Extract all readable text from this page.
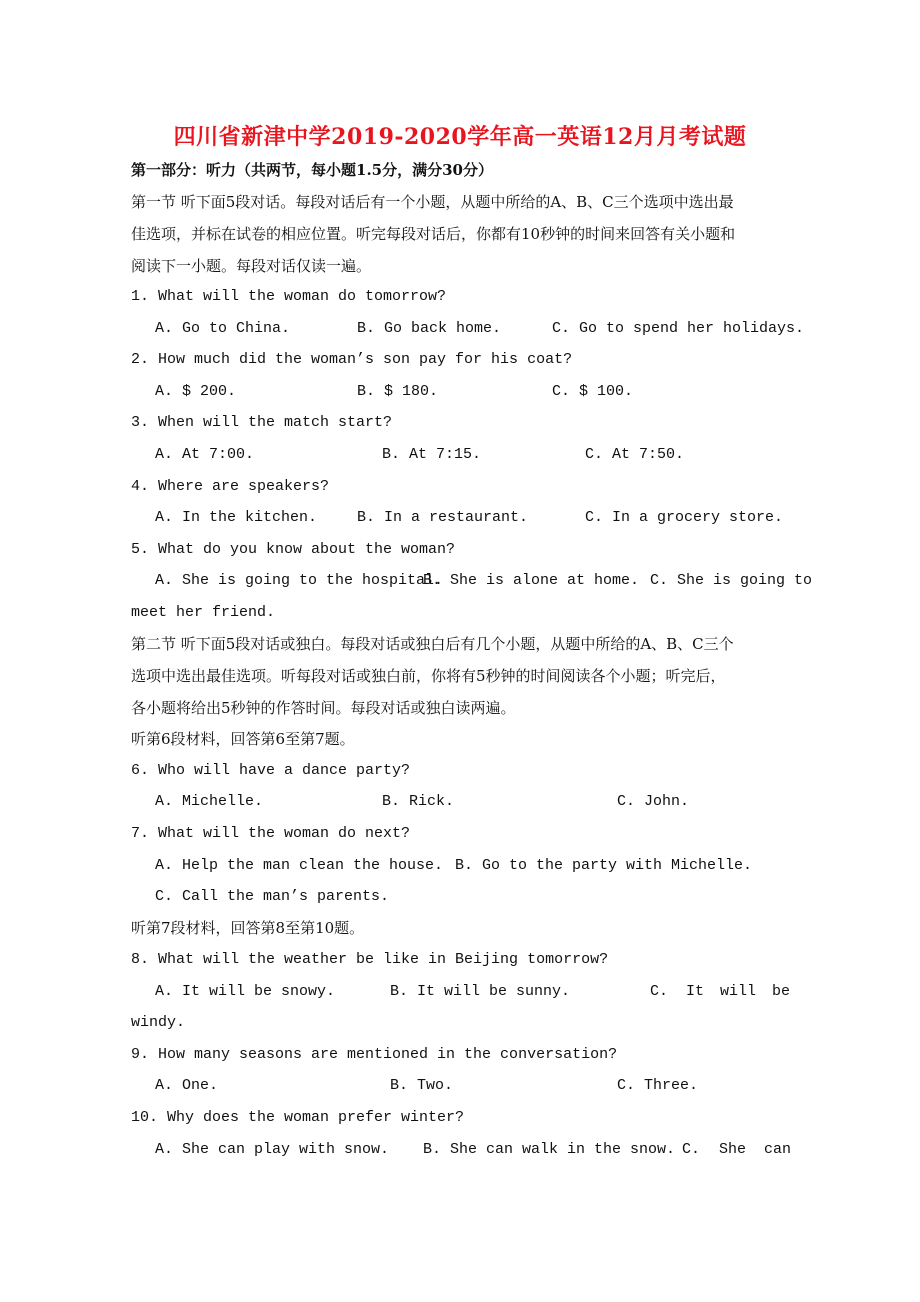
四川省新津中学2019-2020学年高一英语12月月考试题
第一部分：听力（共两节，每小题1.5分，满分30分）
第一节 听下面5段对话。每段对话后有一个小题，从题中所给的A、B、C三个选项中选出最
佳选项，并标在试卷的相应位置。听完每段对话后，你都有10秒钟的时间来回答有关小题和
阅读下一小题。每段对话仅读一遍。
1. What will the woman do tomorrow?
A. Go to China.	B. Go back home.	C. Go to spend her holidays.
2. How much did the woman’s son pay for his coat?
A. $ 200.	B. $ 180.	C. $ 100.
3. When will the match start?
A. At 7:00.	B. At 7:15.	C. At 7:50.
4. Where are speakers?
A. In the kitchen.	B. In a restaurant.	C. In a grocery store.
5. What do you know about the woman?
A. She is going to the hospital.
B. She is alone at home. C. She is going to
meet her friend.
第二节 听下面5段对话或独白。每段对话或独白后有几个小题，从题中所给的A、B、C三个
选项中选出最佳选项。听每段对话或独白前，你将有5秒钟的时间阅读各个小题；听完后，
各小题将给出5秒钟的作答时间。每段对话或独白读两遍。
听第6段材料，回答第6至第7题。
6. Who will have a dance party?
A. Michelle.	B. Rick.	C. John.
7. What will the woman do next?
A. Help the man clean the house. B. Go to the party with Michelle.
C. Call the man’s parents.
听第7段材料，回答第8至第10题。
8. What will the weather be like in Beijing tomorrow?
A. It will be snowy.	B. It will be sunny.	C. It will be
windy.
9. How many seasons are mentioned in the conversation?
A. One.	B. Two.	C. Three.
10. Why does the woman prefer winter?
A. She can play with snow. B. She can walk in the snow. C. She can
